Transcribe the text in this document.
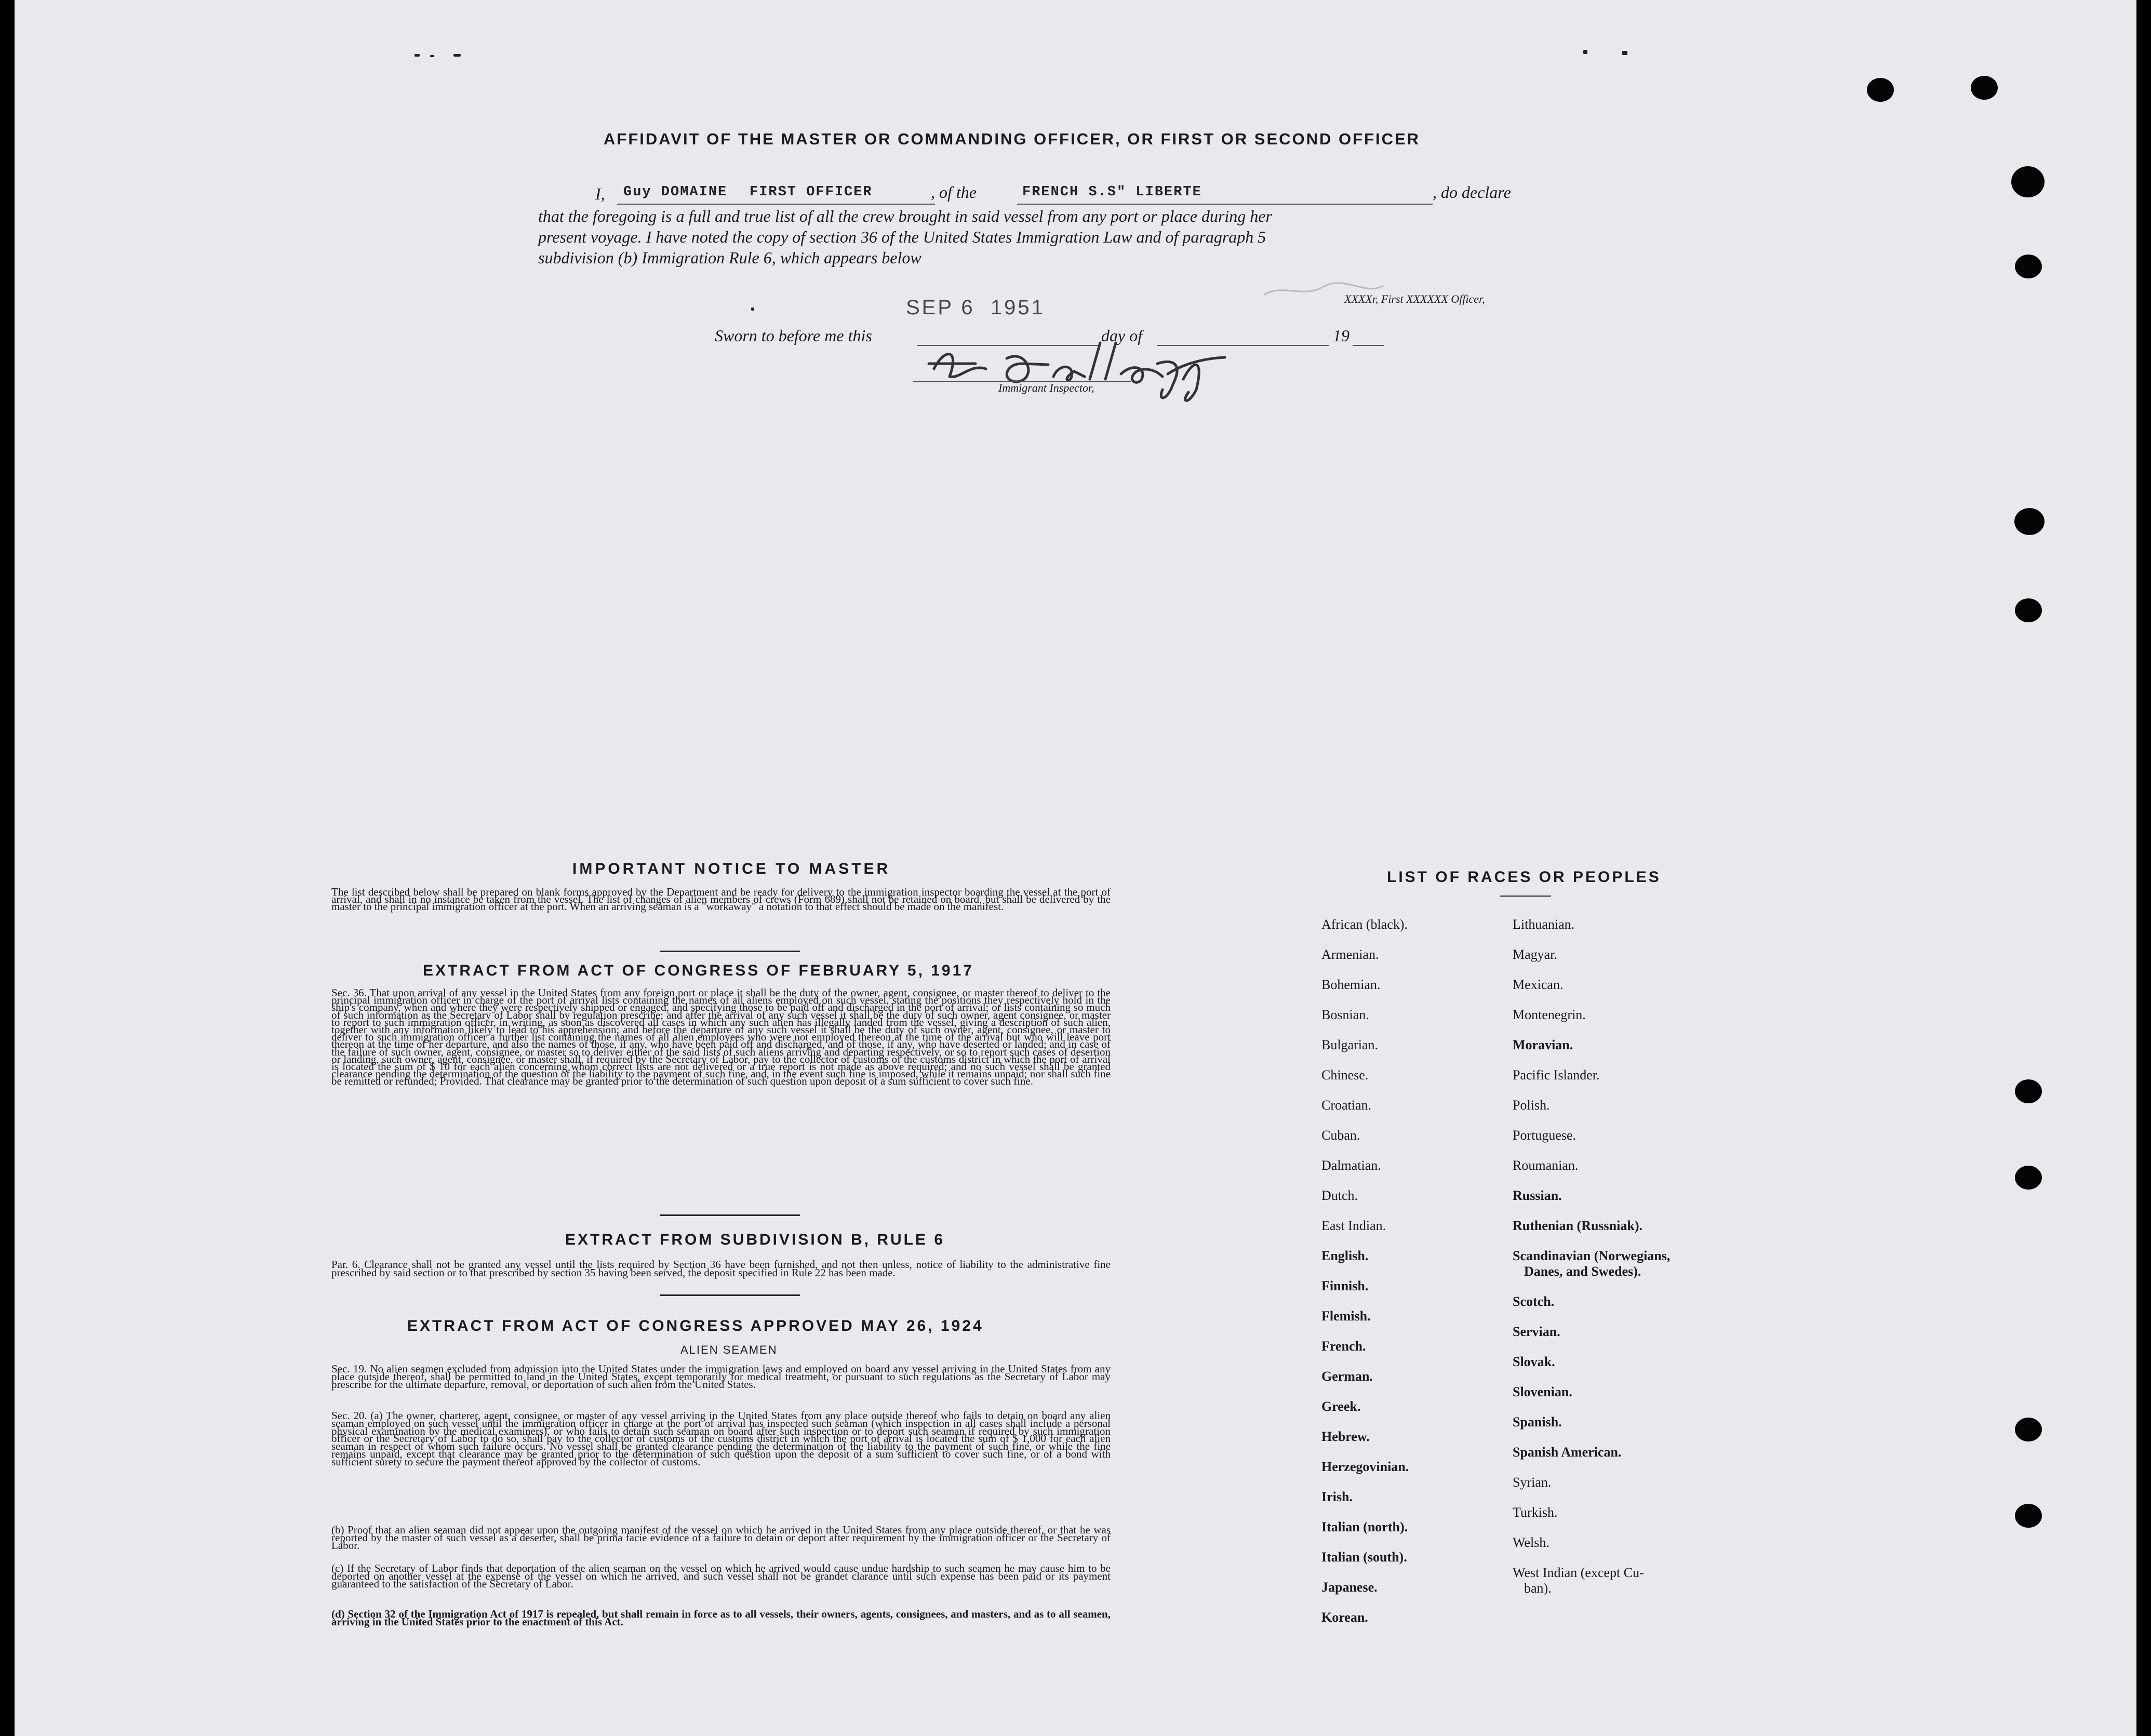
AFFIDAVIT OF THE MASTER OR COMMANDING OFFICER, OR FIRST OR SECOND OFFICER
I, Guy DOMAINE FIRST OFFICER	, of the	FRENCH S.S" LIBERTE	, do declare
that the foregoing is a full and true list of all the crew brought in said vessel from any port or place during her
present voyage. I have noted the copy of section 36 of the United States Immigration Law and of paragraph 5
subdivision (b) Immigration Rule 6, which appears below
XXXXr, First XXXXXX Officer,
SEP 6  1951
Sworn to before me this	day of	19
Immigrant Inspector,
IMPORTANT NOTICE TO MASTER
The list described below shall be prepared on blank forms approved by the Department and be ready for delivery to the immigration inspector boarding the vessel at the port of arrival, and shall in no instance be taken from the vessel. The list of changes of alien members of crews (Form 689) shall not be retained on board, but shall be delivered by the master to the principal immigration officer at the port. When an arriving seaman is a "workaway" a notation to that effect should be made on the manifest.
EXTRACT FROM ACT OF CONGRESS OF FEBRUARY 5, 1917
Sec. 36. That upon arrival of any vessel in the United States from any foreign port or place it shall be the duty of the owner, agent, consignee, or master thereof to deliver to the principal immigration officer in charge of the port of arrival lists containing the names of all aliens employed on such vessel, stating the positions they respectively hold in the ship's company, when and where they were respectively shipped or engaged, and specifying those to be paid off and discharged in the port of arrival; or lists containing so much of such information as the Secretary of Labor shall by regulation prescribe; and after the arrival of any such vessel it shall be the duty of such owner, agent consignee, or master to report to such immigration officer, in writing, as soon as discovered all cases in which any such alien has illegally landed from the vessel, giving a description of such alien, together with any information likely to lead to his apprehension; and before the departure of any such vessel it shall be the duty of such owner, agent, consignee, or master to deliver to such immigration officer a further list containing the names of all alien employees who were not employed thereon at the time of the arrival but who will leave port thereon at the time of her departure, and also the names of those, if any, who have been paid off and discharged, and of those, if any, who have deserted or landed; and in case of the failure of such owner, agent, consignee, or master so to deliver either of the said lists of such aliens arriving and departing respectively, or so to report such cases of desertion or landing, such owner, agent, consignee, or master shall, if required by the Secretary of Labor, pay to the collector of customs of the customs district in which the port of arrival is located the sum of $ 10 for each alien concerning whom correct lists are not delivered or a true report is not made as above required; and no such vessel shall be granted clearance pending the determination of the question of the liability to the payment of such fine, and, in the event such fine is imposed, while it remains unpaid; nor shall such fine be remitted or refunded; Provided. That clearance may be granted prior to the determination of such question upon deposit of a sum sufficient to cover such fine.
EXTRACT FROM SUBDIVISION B, RULE 6
Par. 6. Clearance shall not be granted any vessel until the lists required by Section 36 have been furnished, and not then unless, notice of liability to the administrative fine prescribed by said section or to that prescribed by section 35 having been served, the deposit specified in Rule 22 has been made.
EXTRACT FROM ACT OF CONGRESS APPROVED MAY 26, 1924
ALIEN SEAMEN
Sec. 19. No alien seamen excluded from admission into the United States under the immigration laws and employed on board any vessel arriving in the United States from any place outside thereof, shall be permitted to land in the United States, except temporarily for medical treatment, or pursuant to such regulations as the Secretary of Labor may prescribe for the ultimate departure, removal, or deportation of such alien from the United States.
Sec. 20. (a) The owner, charterer, agent, consignee, or master of any vessel arriving in the United States from any place outside thereof who fails to detain on board any alien seaman employed on such vessel until the immigration officer in charge at the port of arrival has inspected such seaman (which inspection in all cases shall include a personal physical examination by the medical examiners), or who fails to detain such seaman on board after such inspection or to deport such seaman if required by such immigration officer or the Secretary of Labor to do so, shall pay to the collector of customs of the customs district in which the port of arrival is located the sum of $ 1,000 for each alien seaman in respect of whom such failure occurs. No vessel shall be granted clearance pending the determination of the liability to the payment of such fine, or while the fine remains unpaid, except that clearance may be granted prior to the determination of such question upon the deposit of a sum sufficient to cover such fine, or of a bond with sufficient surety to secure the payment thereof approved by the collector of customs.
(b) Proof that an alien seaman did not appear upon the outgoing manifest of the vessel on which he arrived in the United States from any place outside thereof, or that he was reported by the master of such vessel as a deserter, shall be prima facie evidence of a failure to detain or deport after requirement by the immigration officer or the Secretary of Labor.
(c) If the Secretary of Labor finds that deportation of the alien seaman on the vessel on which he arrived would cause undue hardship to such seamen he may cause him to be deported on another vessel at the expense of the vessel on which he arrived, and such vessel shall not be grandet clarance until such expense has been paid or its payment guaranteed to the satisfaction of the Secretary of Labor.
(d) Section 32 of the Immigration Act of 1917 is repealed, but shall remain in force as to all vessels, their owners, agents, consignees, and masters, and as to all seamen, arriving in the United States prior to the enactment of this Act.
LIST OF RACES OR PEOPLES
African (black).
Armenian.
Bohemian.
Bosnian.
Bulgarian.
Chinese.
Croatian.
Cuban.
Dalmatian.
Dutch.
East Indian.
English.
Finnish.
Flemish.
French.
German.
Greek.
Hebrew.
Herzegovinian.
Irish.
Italian (north).
Italian (south).
Japanese.
Korean.
Lithuanian.
Magyar.
Mexican.
Montenegrin.
Moravian.
Pacific Islander.
Polish.
Portuguese.
Roumanian.
Russian.
Ruthenian (Russniak).
Scandinavian (Norwegians,
Danes, and Swedes).
Scotch.
Servian.
Slovak.
Slovenian.
Spanish.
Spanish American.
Syrian.
Turkish.
Welsh.
West Indian (except Cu-
ban).
